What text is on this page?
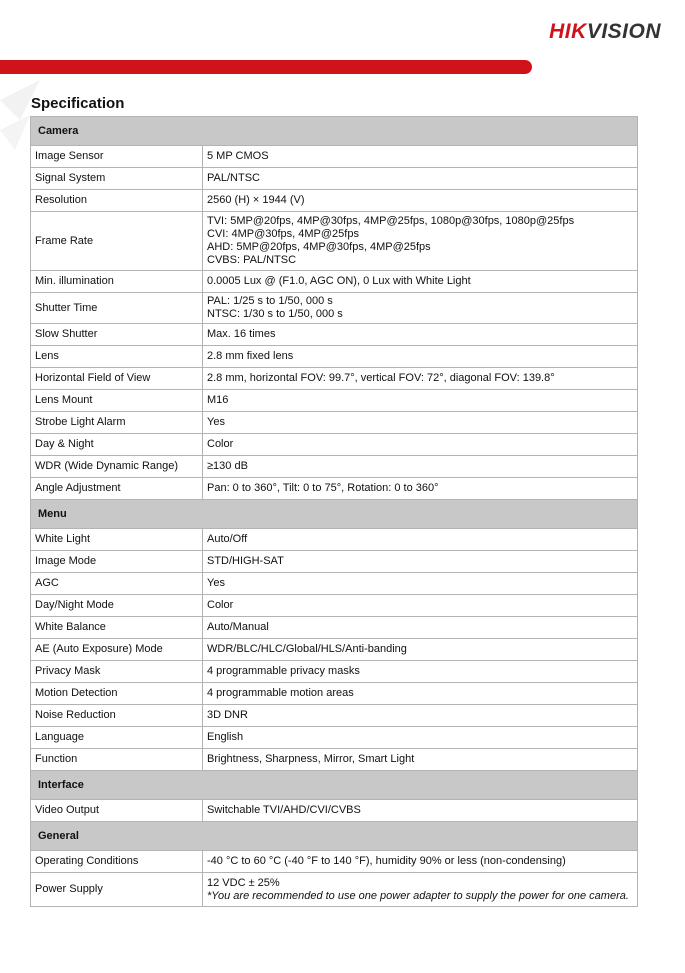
HIKVISION
Specification
Camera	
Image Sensor	5 MP CMOS

Signal System	PAL/NTSC

Resolution	2560 (H) × 1944 (V)

Frame Rate	TVI: 5MP@20fps, 4MP@30fps, 4MP@25fps, 1080p@30fps, 1080p@25fps
CVI: 4MP@30fps, 4MP@25fps
AHD: 5MP@20fps, 4MP@30fps, 4MP@25fps
CVBS: PAL/NTSC

Min. illumination	0.0005 Lux @ (F1.0, AGC ON), 0 Lux with White Light

Shutter Time	PAL: 1/25 s to 1/50, 000 s
NTSC: 1/30 s to 1/50, 000 s

Slow Shutter	Max. 16 times

Lens	2.8 mm fixed lens

Horizontal Field of View	2.8 mm, horizontal FOV: 99.7°, vertical FOV: 72°, diagonal FOV: 139.8°

Lens Mount	M16

Strobe Light Alarm	Yes

Day & Night	Color

WDR (Wide Dynamic Range)	≥130 dB

Angle Adjustment	Pan: 0 to 360°, Tilt: 0 to 75°, Rotation: 0 to 360°

Menu	
White Light	Auto/Off

Image Mode	STD/HIGH-SAT

AGC	Yes

Day/Night Mode	Color

White Balance	Auto/Manual

AE (Auto Exposure) Mode	WDR/BLC/HLC/Global/HLS/Anti-banding

Privacy Mask	4 programmable privacy masks

Motion Detection	4 programmable motion areas

Noise Reduction	3D DNR

Language	English

Function	Brightness, Sharpness, Mirror, Smart Light

Interface	
Video Output	Switchable TVI/AHD/CVI/CVBS

General	
Operating Conditions	-40 °C to 60 °C (-40 °F to 140 °F), humidity 90% or less (non-condensing)

Power Supply	12 VDC ± 25%
*You are recommended to use one power adapter to supply the power for one camera.
